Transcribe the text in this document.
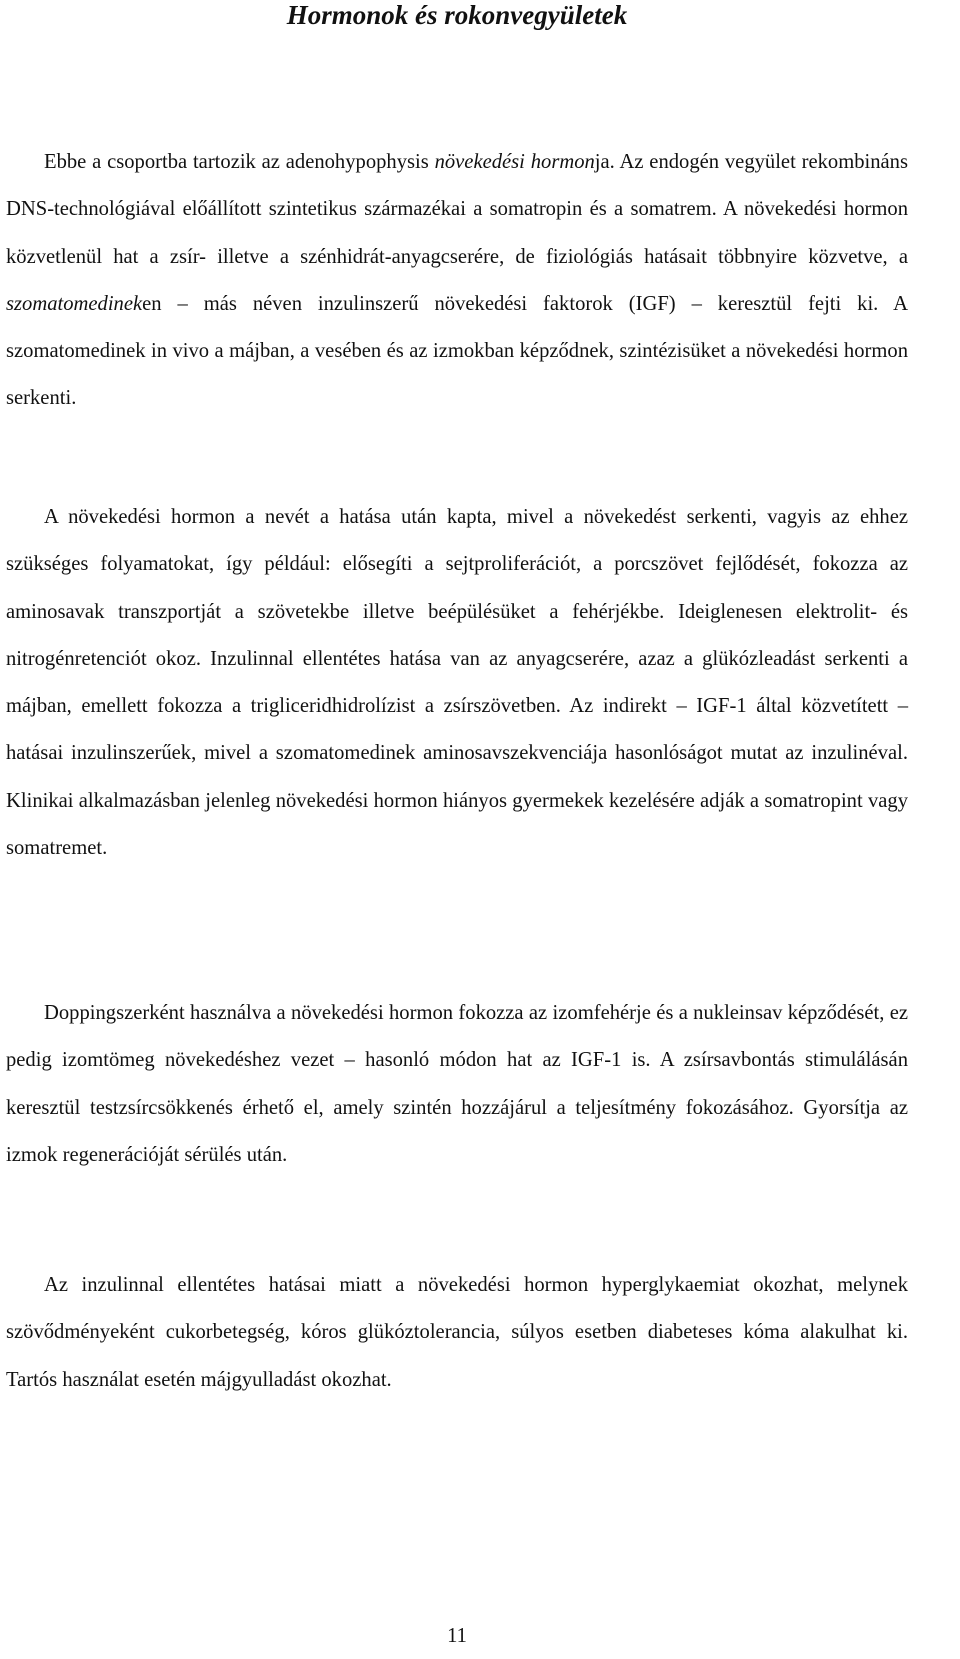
Hormonok és rokonvegyületek

Ebbe a csoportba tartozik az adenohypophysis növekedési hormonja. Az endogén vegyület rekombináns DNS-technológiával előállított szintetikus származékai a somatropin és a somatrem. A növekedési hormon közvetlenül hat a zsír- illetve a szénhidrát-anyagcserére, de fiziológiás hatásait többnyire közvetve, a szomatomedineken – más néven inzulinszerű növekedési faktorok (IGF) – keresztül fejti ki. A szomatomedinek in vivo a májban, a vesében és az izmokban képződnek, szintézisüket a növekedési hormon serkenti.

A növekedési hormon a nevét a hatása után kapta, mivel a növekedést serkenti, vagyis az ehhez szükséges folyamatokat, így például: elősegíti a sejtproliferációt, a porcszövet fejlődését, fokozza az aminosavak transzportját a szövetekbe illetve beépülésüket a fehérjékbe. Ideiglenesen elektrolit- és nitrogénretenciót okoz. Inzulinnal ellentétes hatása van az anyagcserére, azaz a glükózleadást serkenti a májban, emellett fokozza a trigliceridhidrolízist a zsírszövetben. Az indirekt – IGF-1 által közvetített – hatásai inzulinszerűek, mivel a szomatomedinek aminosavszekvenciája hasonlóságot mutat az inzulinéval. Klinikai alkalmazásban jelenleg növekedési hormon hiányos gyermekek kezelésére adják a somatropint vagy somatremet.

Doppingszerként használva a növekedési hormon fokozza az izomfehérje és a nukleinsav képződését, ez pedig izomtömeg növekedéshez vezet – hasonló módon hat az IGF-1 is. A zsírsavbontás stimulálásán keresztül testzsírcsökkenés érhető el, amely szintén hozzájárul a teljesítmény fokozásához. Gyorsítja az izmok regenerációját sérülés után.

Az inzulinnal ellentétes hatásai miatt a növekedési hormon hyperglykaemiat okozhat, melynek szövődményeként cukorbetegség, kóros glükóztolerancia, súlyos esetben diabeteses kóma alakulhat ki. Tartós használat esetén májgyulladást okozhat.

11
